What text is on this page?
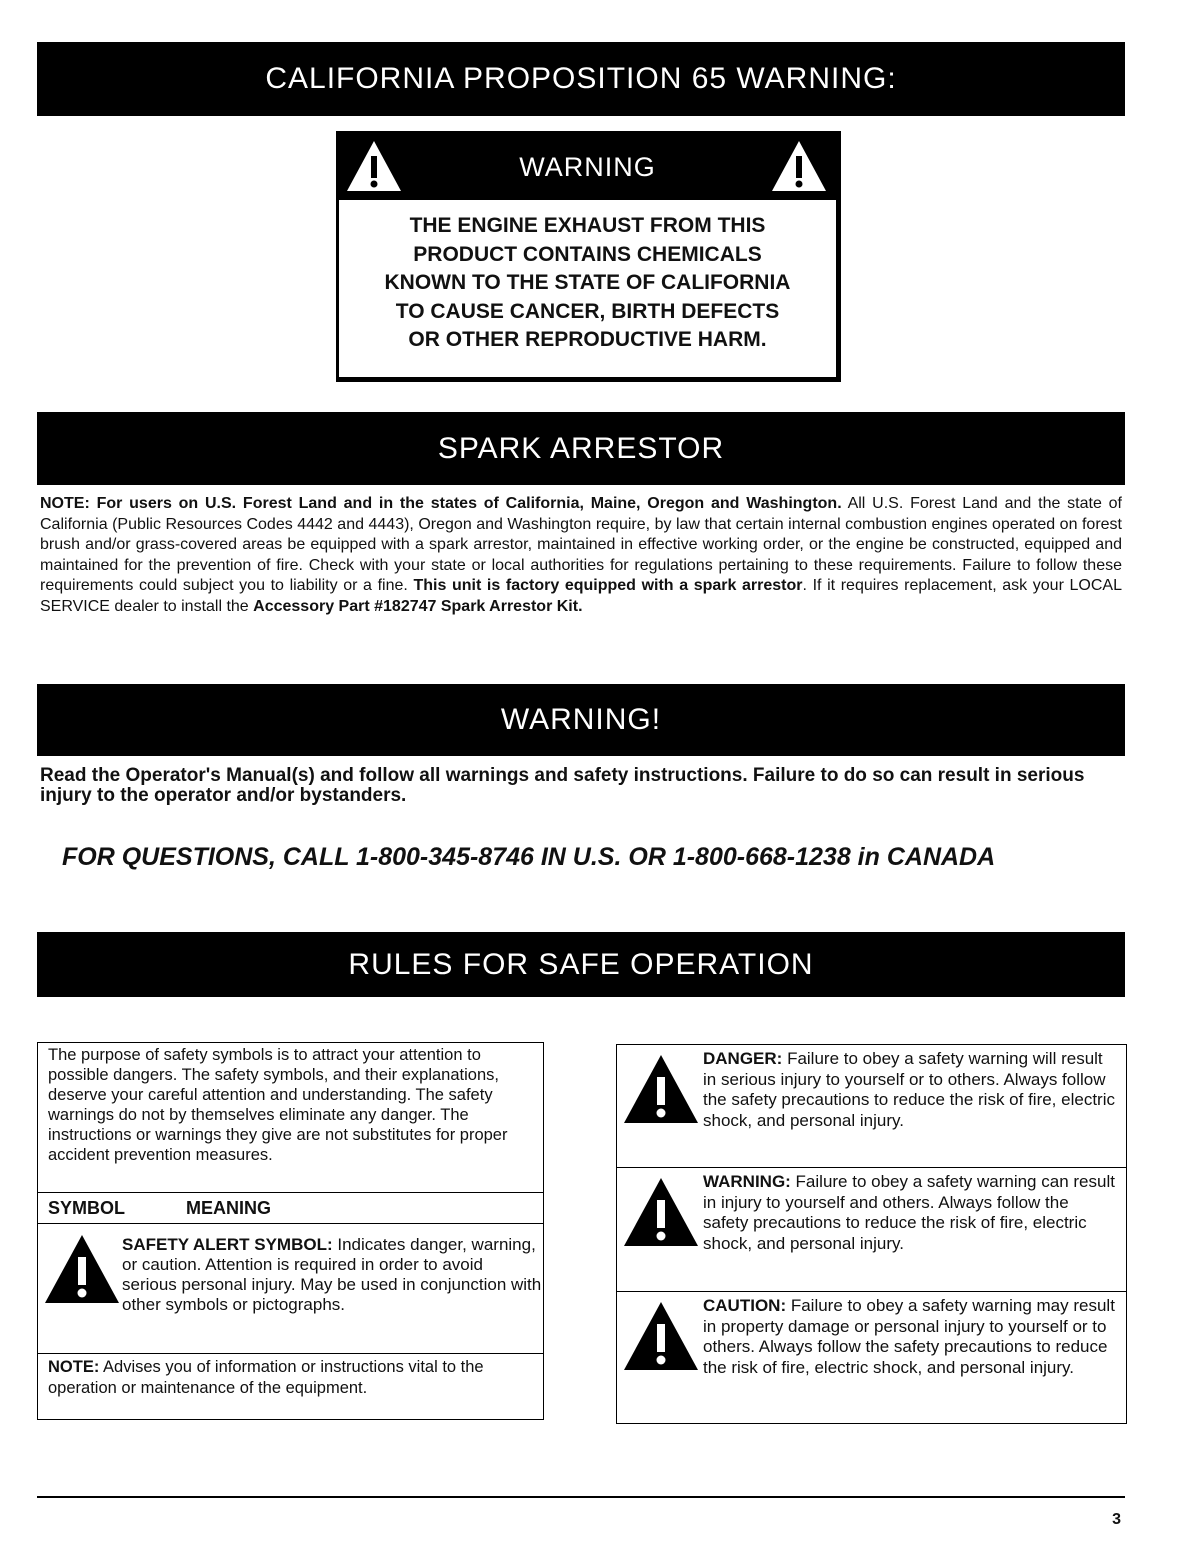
CALIFORNIA PROPOSITION 65 WARNING:
WARNING
THE ENGINE EXHAUST FROM THIS
PRODUCT CONTAINS CHEMICALS
KNOWN TO THE STATE OF CALIFORNIA
TO CAUSE CANCER, BIRTH DEFECTS
OR OTHER REPRODUCTIVE HARM.
SPARK ARRESTOR
NOTE: For users on U.S. Forest Land and in the states of California, Maine, Oregon and Washington. All U.S. Forest Land and the state of California (Public Resources Codes 4442 and 4443), Oregon and Washington require, by law that certain internal combustion engines operated on forest brush and/or grass-covered areas be equipped with a spark arrestor, maintained in effective working order, or the engine be constructed, equipped and maintained for the prevention of fire. Check with your state or local authorities for regulations pertaining to these requirements. Failure to follow these requirements could subject you to liability or a fine. This unit is factory equipped with a spark arrestor. If it requires replacement, ask your LOCAL SERVICE dealer to install the Accessory Part #182747 Spark Arrestor Kit.
WARNING!
Read the Operator's Manual(s) and follow all warnings and safety instructions. Failure to do so can result in serious injury to the operator and/or bystanders.
FOR QUESTIONS, CALL 1-800-345-8746 IN U.S. OR 1-800-668-1238 in CANADA
RULES FOR SAFE OPERATION
The purpose of safety symbols is to attract your attention to possible dangers. The safety symbols, and their explanations, deserve your careful attention and understanding. The safety warnings do not by themselves eliminate any danger. The instructions or warnings they give are not substitutes for proper accident prevention measures.
SYMBOL	MEANING
SAFETY ALERT SYMBOL: Indicates danger, warning, or caution. Attention is required in order to avoid serious personal injury. May be used in conjunction with other symbols or pictographs.
NOTE: Advises you of information or instructions vital to the operation or maintenance of the equipment.
DANGER: Failure to obey a safety warning will result in serious injury to yourself or to others. Always follow the safety precautions to reduce the risk of fire, electric shock, and personal injury.
WARNING: Failure to obey a safety warning can result in injury to yourself and others. Always follow the safety precautions to reduce the risk of fire, electric shock, and personal injury.
CAUTION: Failure to obey a safety warning may result in property damage or personal injury to yourself or to others. Always follow the safety precautions to reduce the risk of fire, electric shock, and personal injury.
3
